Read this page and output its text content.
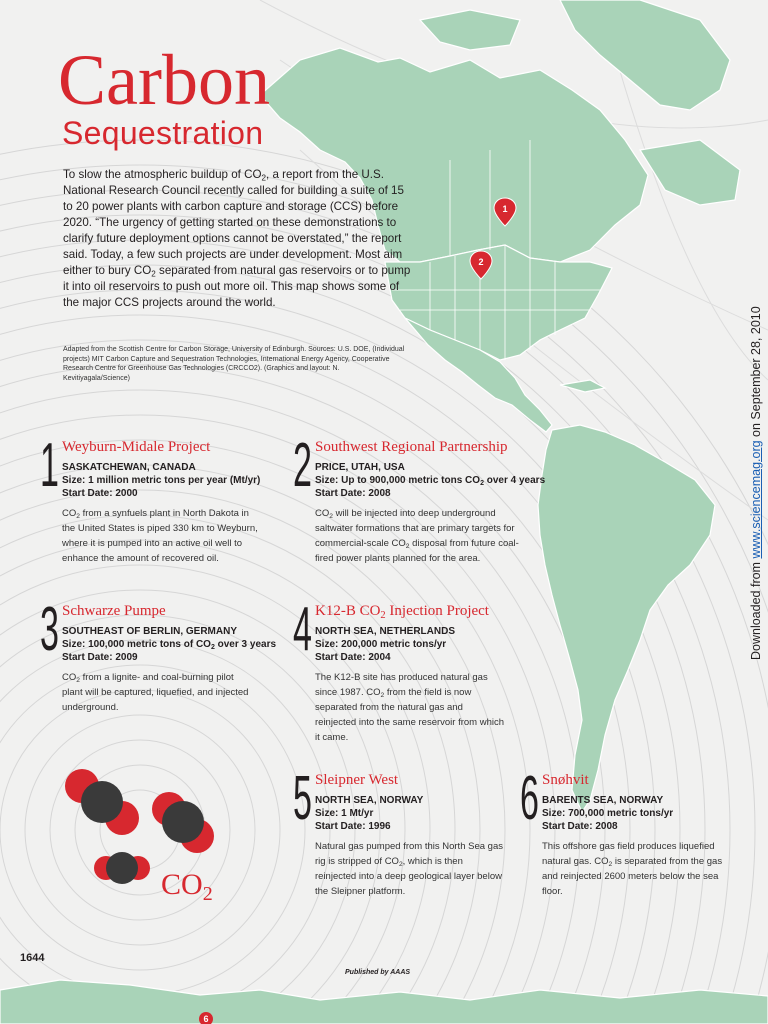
1
2
6
Carbon
Sequestration

To slow the atmospheric buildup of $CO_2$, a report from the U.S. National Research Council recently called for building a suite of 15 to 20 power plants with carbon capture and storage (CCS) before 2020. “The urgency of getting started on these demonstrations to clarify future deployment options cannot be overstated,” the report said. Today, a few such projects are under development. Most aim either to bury $CO_2$ separated from natural gas reservoirs or to pump it into oil reservoirs to push out more oil. This map shows some of the major CCS projects around the world.

Adapted from the Scottish Centre for Carbon Storage, University of Edinburgh. Sources: U.S. DOE, (Individual projects) MIT Carbon Capture and Sequestration Technologies, International Energy Agency, Cooperative Research Centre for Greenhouse Gas Technologies (CRCCO2). (Graphics and layout: N. Kevitiyagala/Science)
1 Weyburn-Midale Project
SASKATCHEWAN, CANADA
Size: 1 million metric tons per year (Mt/yr)
Start Date: 2000
$CO_2$ from a synfuels plant in North Dakota in the United States is piped 330 km to Weyburn, where it is pumped into an active oil well to enhance the amount of recovered oil.
2 Southwest Regional Partnership
PRICE, UTAH, USA
Size: Up to 900,000 metric tons $CO_2$ over 4 years
Start Date: 2008
$CO_2$ will be injected into deep underground saltwater formations that are primary targets for commercial-scale $CO_2$ disposal from future coal-fired power plants planned for the area.
3 Schwarze Pumpe
SOUTHEAST OF BERLIN, GERMANY
Size: 100,000 metric tons of $CO_2$ over 3 years
Start Date: 2009
$CO_2$ from a lignite- and coal-burning pilot plant will be captured, liquefied, and injected underground.
4 K12-B $CO_2$ Injection Project
NORTH SEA, NETHERLANDS
Size: 200,000 metric tons/yr
Start Date: 2004
The K12-B site has produced natural gas since 1987. $CO_2$ from the field is now separated from the natural gas and reinjected into the same reservoir from which it came.
5 Sleipner West
NORTH SEA, NORWAY
Size: 1 Mt/yr
Start Date: 1996
Natural gas pumped from this North Sea gas rig is stripped of $CO_2$, which is then reinjected into a deep geological layer below the Sleipner platform.
6 Snøhvit
BARENTS SEA, NORWAY
Size: 700,000 metric tons/yr
Start Date: 2008
This offshore gas field produces liquefied natural gas. $CO_2$ is separated from the gas and reinjected 2600 meters below the sea floor.
$CO_2$
1644
Published by AAAS
Downloaded from www.sciencemag.org on September 28, 2010
